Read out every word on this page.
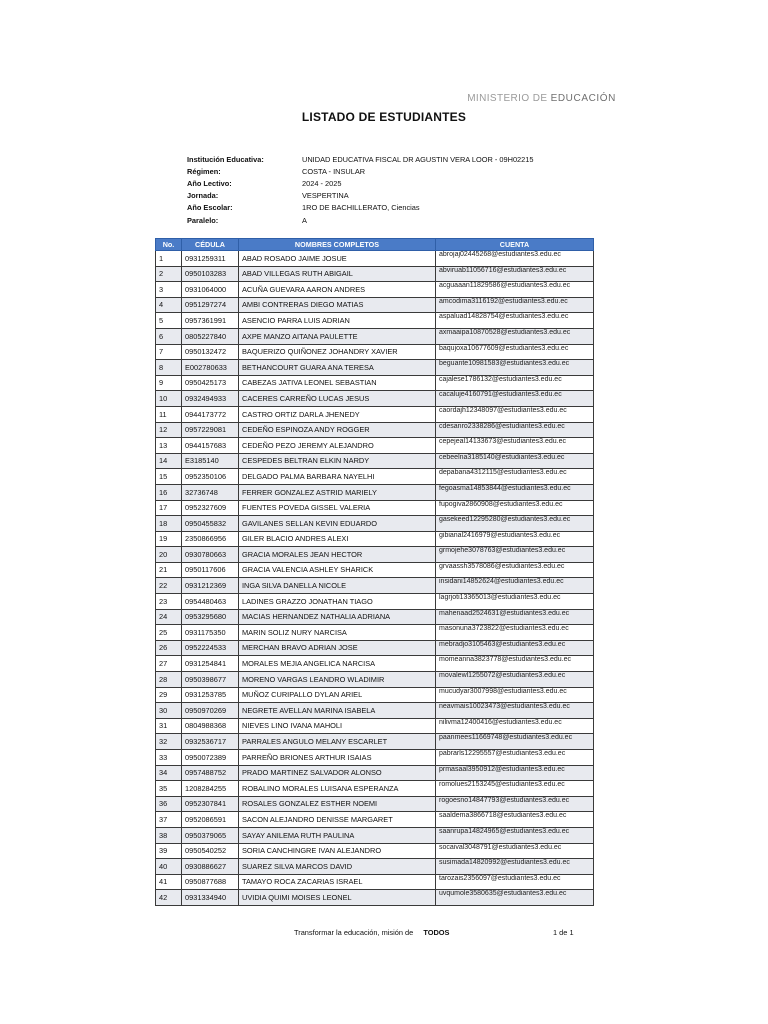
MINISTERIO DE EDUCACIÓN
LISTADO DE ESTUDIANTES
Institución Educativa:	UNIDAD EDUCATIVA FISCAL DR AGUSTIN VERA LOOR - 09H02215
Régimen:	COSTA - INSULAR
Año Lectivo:	2024 - 2025
Jornada:	VESPERTINA
Año Escolar:	1RO DE BACHILLERATO, Ciencias
Paralelo:	A
No.	CÉDULA	NOMBRES COMPLETOS	CUENTA
1	0931259311	ABAD ROSADO JAIME JOSUE	abrojaj02445268@estudiantes3.edu.ec
2	0950103283	ABAD VILLEGAS RUTH ABIGAIL	abviruab11056716@estudiantes3.edu.ec
3	0931064000	ACUÑA GUEVARA AARON ANDRES	acguaaan11829586@estudiantes3.edu.ec
4	0951297274	AMBI CONTRERAS DIEGO MATIAS	amcodima3116192@estudiantes3.edu.ec
5	0957361991	ASENCIO PARRA LUIS ADRIAN	aspaluad14828754@estudiantes3.edu.ec
6	0805227840	AXPE MANZO AITANA PAULETTE	axmaaipa10870528@estudiantes3.edu.ec
7	0950132472	BAQUERIZO QUIÑONEZ JOHANDRY XAVIER	baqujoxa10677609@estudiantes3.edu.ec
8	E002780633	BETHANCOURT GUARA ANA TERESA	beguante10981583@estudiantes3.edu.ec
9	0950425173	CABEZAS JATIVA LEONEL SEBASTIAN	cajalese1786132@estudiantes3.edu.ec
10	0932494933	CACERES CARREÑO LUCAS JESUS	cacaluje4160791@estudiantes3.edu.ec
11	0944173772	CASTRO ORTIZ DARLA JHENEDY	caordajh12348097@estudiantes3.edu.ec
12	0957229081	CEDEÑO ESPINOZA ANDY ROGGER	cdesanro2338286@estudiantes3.edu.ec
13	0944157683	CEDEÑO PEZO JEREMY ALEJANDRO	cepejeal14133673@estudiantes3.edu.ec
14	E3185140	CESPEDES BELTRAN ELKIN NARDY	cebeelna3185140@estudiantes3.edu.ec
15	0952350106	DELGADO PALMA BARBARA NAYELHI	depabana4312115@estudiantes3.edu.ec
16	32736748	FERRER GONZALEZ ASTRID MARIELY	fegoasma14853844@estudiantes3.edu.ec
17	0952327609	FUENTES POVEDA GISSEL VALERIA	fupogiva2860908@estudiantes3.edu.ec
18	0950455832	GAVILANES SELLAN KEVIN EDUARDO	gasekeed12295280@estudiantes3.edu.ec
19	2350866956	GILER BLACIO ANDRES ALEXI	gibianal2416979@estudiantes3.edu.ec
20	0930780663	GRACIA MORALES JEAN HECTOR	grmojehe3078763@estudiantes3.edu.ec
21	0950117606	GRACIA VALENCIA ASHLEY SHARICK	grvaassh3578086@estudiantes3.edu.ec
22	0931212369	INGA SILVA DANELLA NICOLE	insidani14852624@estudiantes3.edu.ec
23	0954480463	LADINES GRAZZO JONATHAN TIAGO	lagrjoti13365013@estudiantes3.edu.ec
24	0953295680	MACIAS HERNANDEZ NATHALIA ADRIANA	mahenaad2524631@estudiantes3.edu.ec
25	0931175350	MARIN SOLIZ NURY NARCISA	masonuna3723822@estudiantes3.edu.ec
26	0952224533	MERCHAN BRAVO ADRIAN JOSE	mebradjo3105463@estudiantes3.edu.ec
27	0931254841	MORALES MEJIA ANGELICA NARCISA	momeanna3823778@estudiantes3.edu.ec
28	0950398677	MORENO VARGAS LEANDRO WLADIMIR	movalewl1255072@estudiantes3.edu.ec
29	0931253785	MUÑOZ CURIPALLO DYLAN ARIEL	mucudyar3007998@estudiantes3.edu.ec
30	0950970269	NEGRETE AVELLAN MARINA ISABELA	neavmais10023473@estudiantes3.edu.ec
31	0804988368	NIEVES LINO IVANA MAHOLI	nilivma12400416@estudiantes3.edu.ec
32	0932536717	PARRALES ANGULO MELANY ESCARLET	paanmees11669748@estudiantes3.edu.ec
33	0950072389	PARREÑO BRIONES ARTHUR ISAIAS	pabrarls12295557@estudiantes3.edu.ec
34	0957488752	PRADO MARTINEZ SALVADOR ALONSO	prmasaal3950912@estudiantes3.edu.ec
35	1208284255	ROBALINO MORALES LUISANA ESPERANZA	romolues2153245@estudiantes3.edu.ec
36	0952307841	ROSALES GONZALEZ ESTHER NOEMI	rogoesno14847793@estudiantes3.edu.ec
37	0952086591	SACON ALEJANDRO DENISSE MARGARET	saaldema3866718@estudiantes3.edu.ec
38	0950379065	SAYAY ANILEMA RUTH PAULINA	saanrupa14824965@estudiantes3.edu.ec
39	0950540252	SORIA CANCHINGRE IVAN ALEJANDRO	socaival3048791@estudiantes3.edu.ec
40	0930886627	SUAREZ SILVA MARCOS DAVID	susimada14820992@estudiantes3.edu.ec
41	0950877688	TAMAYO ROCA ZACARIAS ISRAEL	tarozais2356097@estudiantes3.edu.ec
42	0931334940	UVIDIA QUIMI MOISES LEONEL	uvqumole3580635@estudiantes3.edu.ec
Transformar la educación, misión de TODOS	1 de 1
